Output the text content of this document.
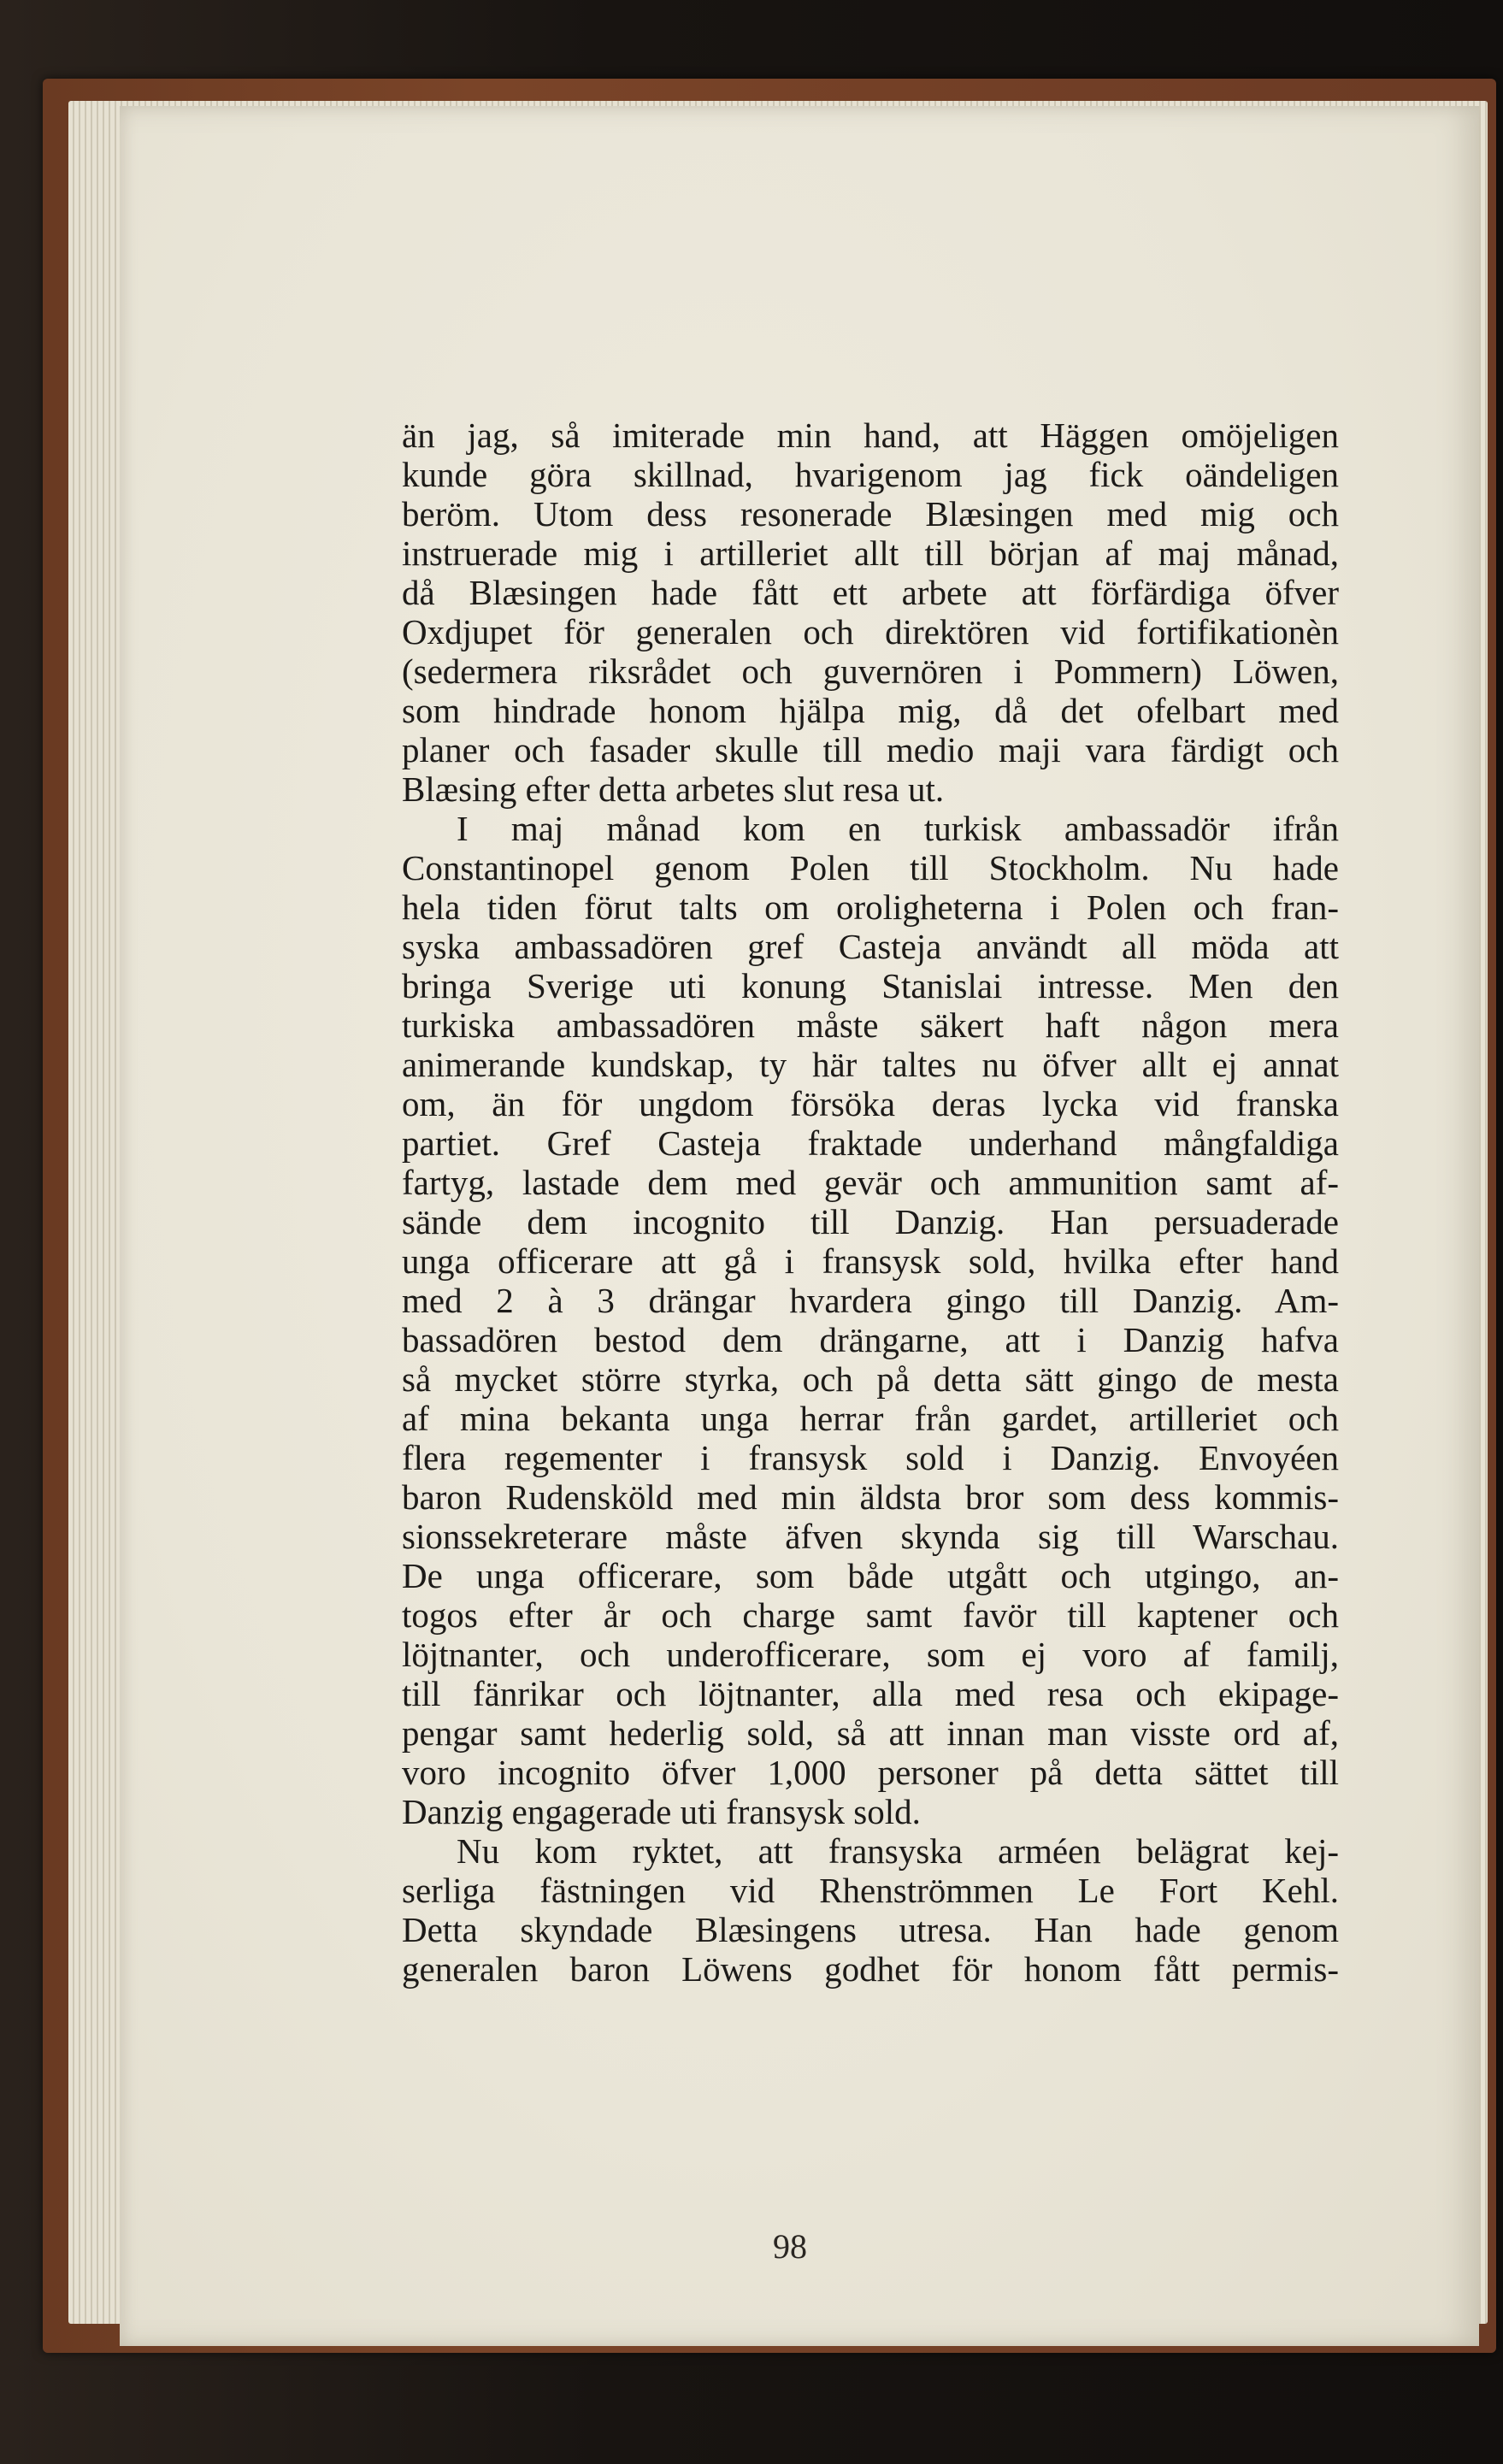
än jag, så imiterade min hand, att Häggen omöjeligen
kunde göra skillnad, hvarigenom jag fick oändeligen
beröm. Utom dess resonerade Blæsingen med mig och
instruerade mig i artilleriet allt till början af maj månad,
då Blæsingen hade fått ett arbete att förfärdiga öfver
Oxdjupet för generalen och direktören vid fortifikationèn
(sedermera riksrådet och guvernören i Pommern) Löwen,
som hindrade honom hjälpa mig, då det ofelbart med
planer och fasader skulle till medio maji vara färdigt och
Blæsing efter detta arbetes slut resa ut.
I maj månad kom en turkisk ambassadör ifrån
Constantinopel genom Polen till Stockholm. Nu hade
hela tiden förut talts om oroligheterna i Polen och fran-
syska ambassadören gref Casteja användt all möda att
bringa Sverige uti konung Stanislai intresse. Men den
turkiska ambassadören måste säkert haft någon mera
animerande kundskap, ty här taltes nu öfver allt ej annat
om, än för ungdom försöka deras lycka vid franska
partiet. Gref Casteja fraktade underhand mångfaldiga
fartyg, lastade dem med gevär och ammunition samt af-
sände dem incognito till Danzig. Han persuaderade
unga officerare att gå i fransysk sold, hvilka efter hand
med 2 à 3 drängar hvardera gingo till Danzig. Am-
bassadören bestod dem drängarne, att i Danzig hafva
så mycket större styrka, och på detta sätt gingo de mesta
af mina bekanta unga herrar från gardet, artilleriet och
flera regementer i fransysk sold i Danzig. Envoyéen
baron Rudensköld med min äldsta bror som dess kommis-
sionssekreterare måste äfven skynda sig till Warschau.
De unga officerare, som både utgått och utgingo, an-
togos efter år och charge samt favör till kaptener och
löjtnanter, och underofficerare, som ej voro af familj,
till fänrikar och löjtnanter, alla med resa och ekipage-
pengar samt hederlig sold, så att innan man visste ord af,
voro incognito öfver 1,000 personer på detta sättet till
Danzig engagerade uti fransysk sold.
Nu kom ryktet, att fransyska arméen belägrat kej-
serliga fästningen vid Rhenströmmen Le Fort Kehl.
Detta skyndade Blæsingens utresa. Han hade genom
generalen baron Löwens godhet för honom fått permis-
98
